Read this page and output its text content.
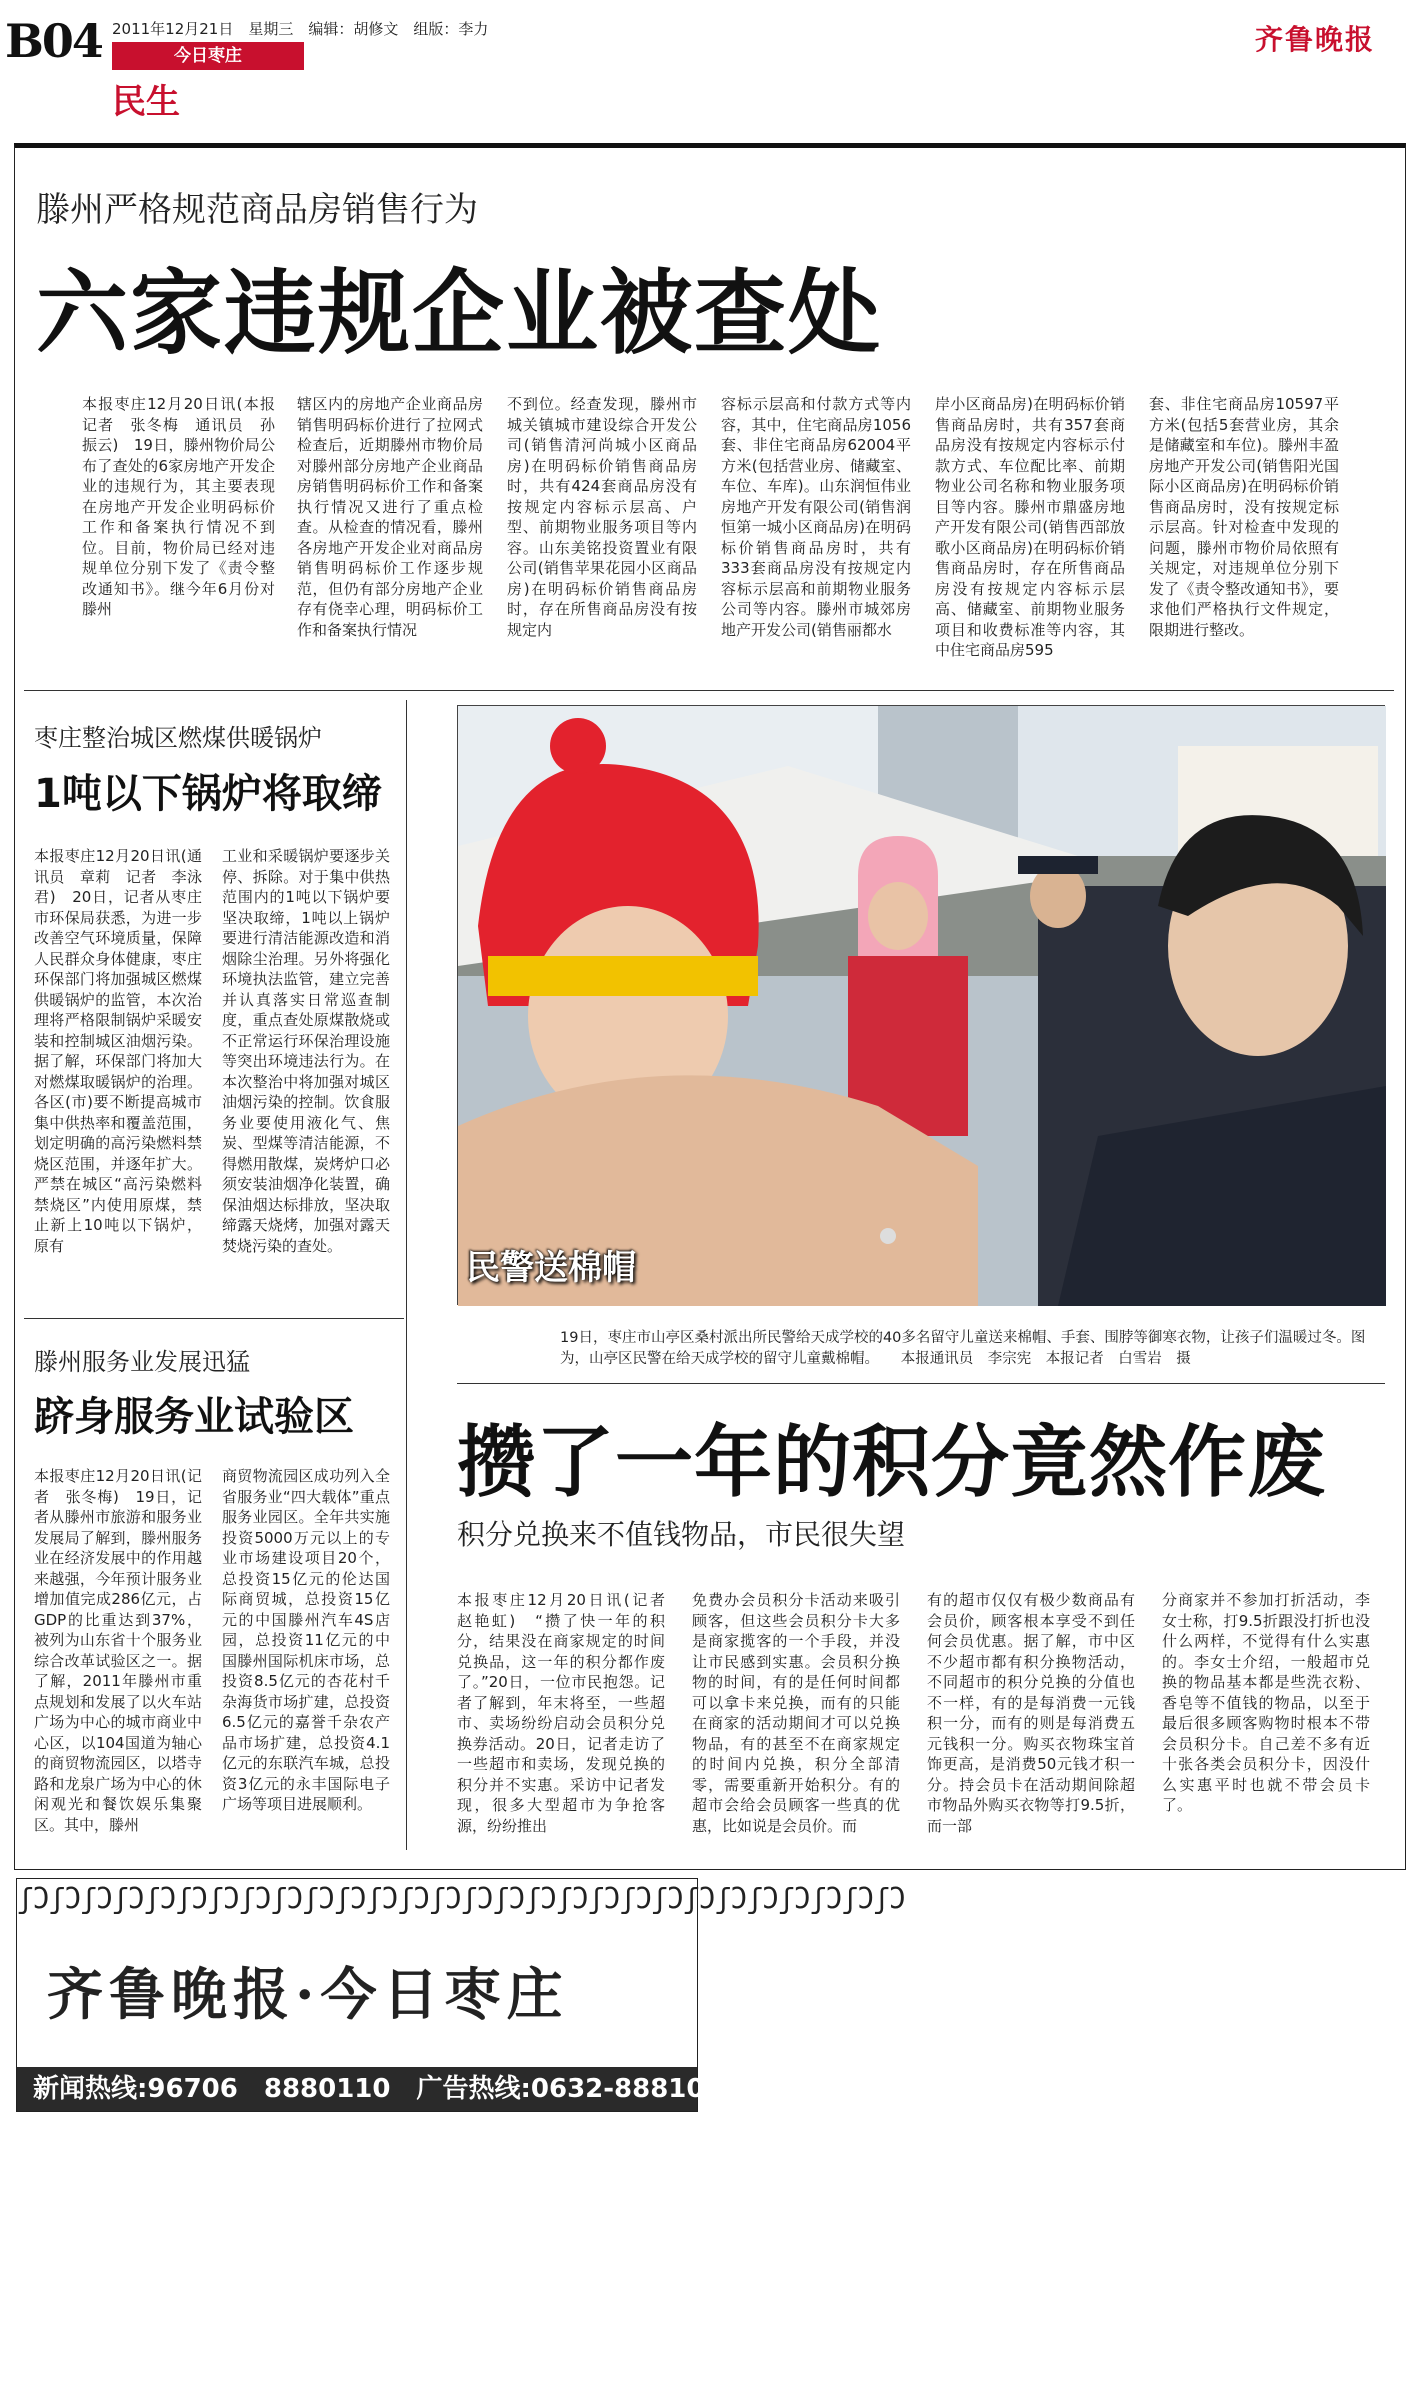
B04 2011年12月21日　星期三　编辑：胡修文　组版：李力
今日枣庄
民生
齐鲁晚报
滕州严格规范商品房销售行为
六家违规企业被查处
本报枣庄12月20日讯(本报记者　张冬梅　通讯员　孙振云)　19日，滕州物价局公布了查处的6家房地产开发企业的违规行为，其主要表现在房地产开发企业明码标价工作和备案执行情况不到位。目前，物价局已经对违规单位分别下发了《责令整改通知书》。继今年6月份对滕州
辖区内的房地产企业商品房销售明码标价进行了拉网式检查后，近期滕州市物价局对滕州部分房地产企业商品房销售明码标价工作和备案执行情况又进行了重点检查。从检查的情况看，滕州各房地产开发企业对商品房销售明码标价工作逐步规范，但仍有部分房地产企业存有侥幸心理，明码标价工作和备案执行情况
不到位。经查发现，滕州市城关镇城市建设综合开发公司(销售清河尚城小区商品房)在明码标价销售商品房时，共有424套商品房没有按规定内容标示层高、户型、前期物业服务项目等内容。山东美铭投资置业有限公司(销售苹果花园小区商品房)在明码标价销售商品房时，存在所售商品房没有按规定内
容标示层高和付款方式等内容，其中，住宅商品房1056套、非住宅商品房62004平方米(包括营业房、储藏室、车位、车库)。山东润恒伟业房地产开发有限公司(销售润恒第一城小区商品房)在明码标价销售商品房时，共有333套商品房没有按规定内容标示层高和前期物业服务公司等内容。滕州市城郊房地产开发公司(销售丽都水
岸小区商品房)在明码标价销售商品房时，共有357套商品房没有按规定内容标示付款方式、车位配比率、前期物业公司名称和物业服务项目等内容。滕州市鼎盛房地产开发有限公司(销售西部放歌小区商品房)在明码标价销售商品房时，存在所售商品房没有按规定内容标示层高、储藏室、前期物业服务项目和收费标准等内容，其中住宅商品房595
套、非住宅商品房10597平方米(包括5套营业房，其余是储藏室和车位)。滕州丰盈房地产开发公司(销售阳光国际小区商品房)在明码标价销售商品房时，没有按规定标示层高。针对检查中发现的问题，滕州市物价局依照有关规定，对违规单位分别下发了《责令整改通知书》，要求他们严格执行文件规定，限期进行整改。
枣庄整治城区燃煤供暖锅炉
1吨以下锅炉将取缔
本报枣庄12月20日讯(通讯员　章莉　记者　李泳君)　20日，记者从枣庄市环保局获悉，为进一步改善空气环境质量，保障人民群众身体健康，枣庄环保部门将加强城区燃煤供暖锅炉的监管，本次治理将严格限制锅炉采暖安装和控制城区油烟污染。据了解，环保部门将加大对燃煤取暖锅炉的治理。各区(市)要不断提高城市集中供热率和覆盖范围，划定明确的高污染燃料禁烧区范围，并逐年扩大。严禁在城区“高污染燃料禁烧区”内使用原煤，禁止新上10吨以下锅炉，原有
工业和采暖锅炉要逐步关停、拆除。对于集中供热范围内的1吨以下锅炉要坚决取缔，1吨以上锅炉要进行清洁能源改造和消烟除尘治理。另外将强化环境执法监管，建立完善并认真落实日常巡查制度，重点查处原煤散烧或不正常运行环保治理设施等突出环境违法行为。在本次整治中将加强对城区油烟污染的控制。饮食服务业要使用液化气、焦炭、型煤等清洁能源，不得燃用散煤，炭烤炉口必须安装油烟净化装置，确保油烟达标排放，坚决取缔露天烧烤，加强对露天焚烧污染的查处。
滕州服务业发展迅猛
跻身服务业试验区
本报枣庄12月20日讯(记者　张冬梅)　19日，记者从滕州市旅游和服务业发展局了解到，滕州服务业在经济发展中的作用越来越强，今年预计服务业增加值完成286亿元，占GDP的比重达到37%，被列为山东省十个服务业综合改革试验区之一。据了解，2011年滕州市重点规划和发展了以火车站广场为中心的城市商业中心区，以104国道为轴心的商贸物流园区，以塔寺路和龙泉广场为中心的休闲观光和餐饮娱乐集聚区。其中，滕州
商贸物流园区成功列入全省服务业“四大载体”重点服务业园区。全年共实施投资5000万元以上的专业市场建设项目20个，总投资15亿元的伦达国际商贸城，总投资15亿元的中国滕州汽车4S店园，总投资11亿元的中国滕州国际机床市场，总投资8.5亿元的杏花村千杂海货市场扩建，总投资6.5亿元的嘉誉千杂农产品市场扩建，总投资4.1亿元的东联汽车城，总投资3亿元的永丰国际电子广场等项目进展顺利。
民警送棉帽
19日，枣庄市山亭区桑村派出所民警给天成学校的40多名留守儿童送来棉帽、手套、围脖等御寒衣物，让孩子们温暖过冬。图为，山亭区民警在给天成学校的留守儿童戴棉帽。　　本报通讯员　李宗宪　本报记者　白雪岩　摄
攒了一年的积分竟然作废
积分兑换来不值钱物品，市民很失望
本报枣庄12月20日讯(记者　赵艳虹)　“攒了快一年的积分，结果没在商家规定的时间兑换品，这一年的积分都作废了。”20日，一位市民抱怨。记者了解到，年末将至，一些超市、卖场纷纷启动会员积分兑换券活动。20日，记者走访了一些超市和卖场，发现兑换的积分并不实惠。采访中记者发现，很多大型超市为争抢客源，纷纷推出
免费办会员积分卡活动来吸引顾客，但这些会员积分卡大多是商家揽客的一个手段，并没让市民感到实惠。会员积分换物的时间，有的是任何时间都可以拿卡来兑换，而有的只能在商家的活动期间才可以兑换物品，有的甚至不在商家规定的时间内兑换，积分全部清零，需要重新开始积分。有的超市会给会员顾客一些真的优惠，比如说是会员价。而
有的超市仅仅有极少数商品有会员价，顾客根本享受不到任何会员优惠。据了解，市中区不少超市都有积分换物活动，不同超市的积分兑换的分值也不一样，有的是每消费一元钱积一分，而有的则是每消费五元钱积一分。购买衣物珠宝首饰更高，是消费50元钱才积一分。持会员卡在活动期间除超市物品外购买衣物等打9.5折，而一部
分商家并不参加打折活动，李女士称，打9.5折跟没打折也没什么两样，不觉得有什么实惠的。李女士介绍，一般超市兑换的物品基本都是些洗衣粉、香皂等不值钱的物品，以至于最后很多顾客购物时根本不带会员积分卡。自己差不多有近十张各类会员积分卡，因没什么实惠平时也就不带会员卡了。
ʃϽʃϽʃϽʃϽʃϽʃϽʃϽʃϽʃϽʃϽʃϽʃϽʃϽʃϽʃϽʃϽʃϽʃϽʃϽʃϽʃϽʃϽʃϽʃϽʃϽʃϽʃϽʃϽ
齐鲁晚报·今日枣庄
新闻热线:96706　8880110　广告热线:0632-8881027
